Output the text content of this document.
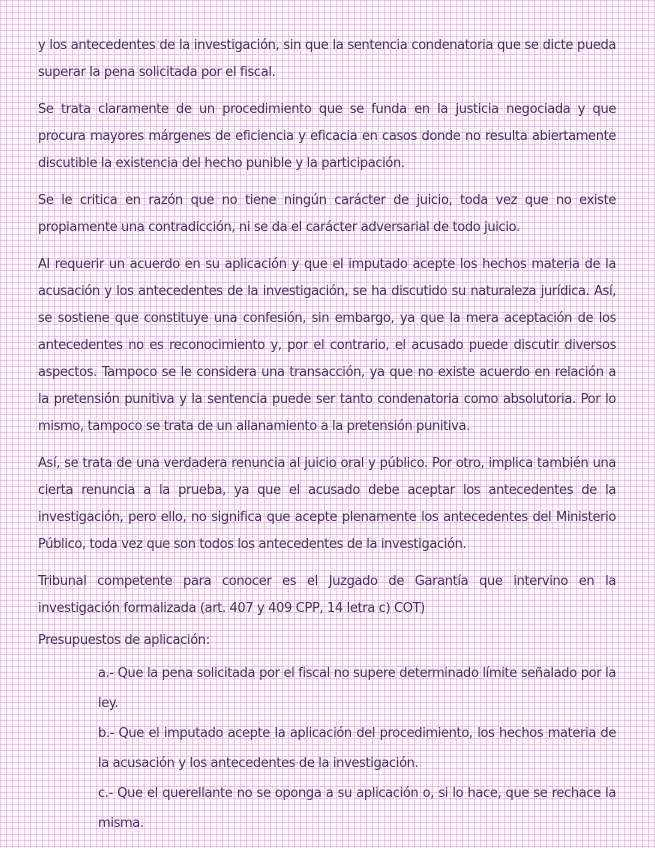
y los antecedentes de la investigación, sin que la sentencia condenatoria que se dicte pueda superar la pena solicitada por el fiscal.

Se trata claramente de un procedimiento que se funda en la justicia negociada y que procura mayores márgenes de eficiencia y eficacia en casos donde no resulta abiertamente discutible la existencia del hecho punible y la participación.

Se le critica en razón que no tiene ningún carácter de juicio, toda vez que no existe propiamente una contradicción, ni se da el carácter adversarial de todo juicio.

Al requerir un acuerdo en su aplicación y que el imputado acepte los hechos materia de la acusación y los antecedentes de la investigación, se ha discutido su naturaleza jurídica. Así, se sostiene que constituye una confesión, sin embargo, ya que la mera aceptación de los antecedentes no es reconocimiento y, por el contrario, el acusado puede discutir diversos aspectos. Tampoco se le considera una transacción, ya que no existe acuerdo en relación a la pretensión punitiva y la sentencia puede ser tanto condenatoria como absolutoria. Por lo mismo, tampoco se trata de un allanamiento a la pretensión punitiva.

Así, se trata de una verdadera renuncia al juicio oral y público. Por otro, implica también una cierta renuncia a la prueba, ya que el acusado debe aceptar los antecedentes de la investigación, pero ello, no significa que acepte plenamente los antecedentes del Ministerio Público, toda vez que son todos los antecedentes de la investigación.

Tribunal competente para conocer es el Juzgado de Garantía que intervino en la investigación formalizada (art. 407 y 409 CPP, 14 letra c) COT)

Presupuestos de aplicación:

a.- Que la pena solicitada por el fiscal no supere determinado límite señalado por la ley.
b.- Que el imputado acepte la aplicación del procedimiento, los hechos materia de la acusación y los antecedentes de la investigación.
c.- Que el querellante no se oponga a su aplicación o, si lo hace, que se rechace la misma.
